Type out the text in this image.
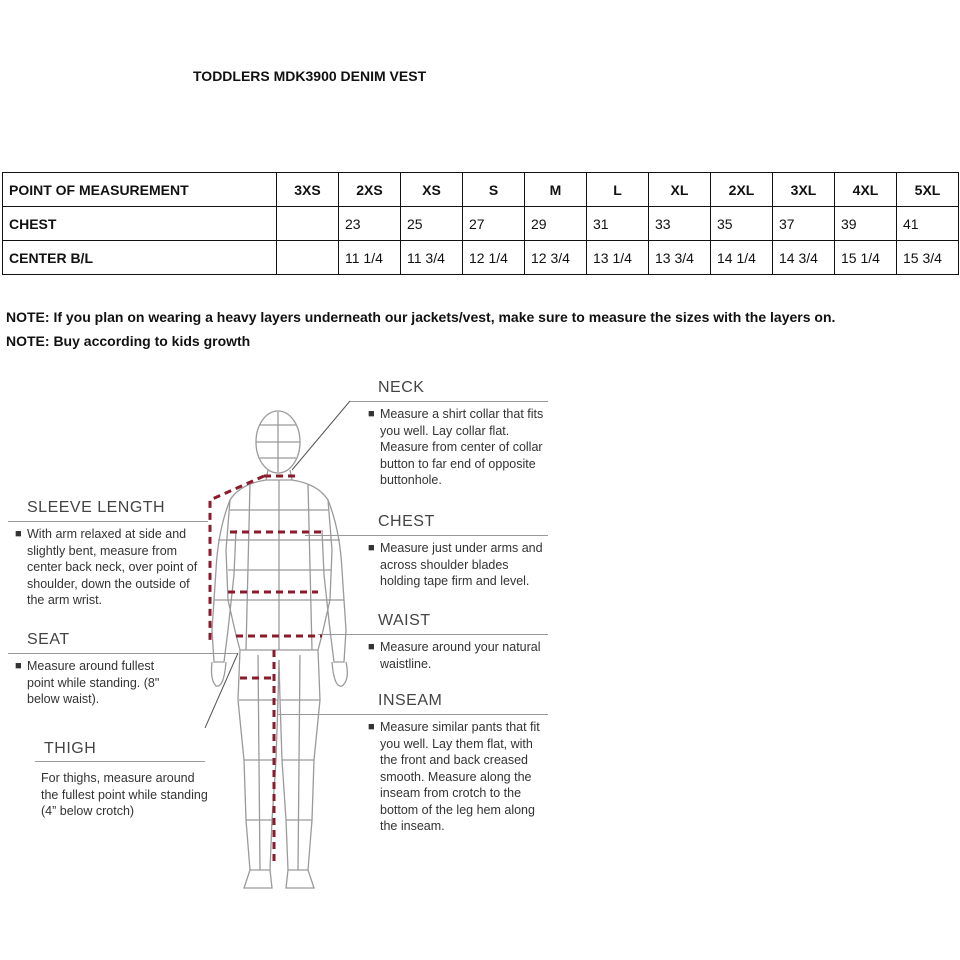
TODDLERS MDK3900 DENIM VEST
POINT OF MEASUREMENT	3XS	2XS	XS	S	M	L	XL	2XL	3XL	4XL	5XL
CHEST		23	25	27	29	31	33	35	37	39	41
CENTER B/L		11 1/4	11 3/4	12 1/4	12 3/4	13 1/4	13 3/4	14 1/4	14 3/4	15 1/4	15 3/4
NOTE: If you plan on wearing a heavy layers underneath our jackets/vest, make sure to measure the sizes with the layers on.
NOTE: Buy according to kids growth
NECK
■ Measure a shirt collar that fits you well. Lay collar flat. Measure from center of collar button to far end of opposite buttonhole.
CHEST
■ Measure just under arms and across shoulder blades holding tape firm and level.
WAIST
■ Measure around your natural waistline.
INSEAM
■ Measure similar pants that fit you well. Lay them flat, with the front and back creased smooth. Measure along the inseam from crotch to the bottom of the leg hem along the inseam.
SLEEVE LENGTH
■ With arm relaxed at side and slightly bent, measure from center back neck, over point of shoulder, down the outside of the arm wrist.
SEAT
■ Measure around fullest point while standing. (8" below waist).
THIGH
For thighs, measure around the fullest point while standing (4” below crotch)
